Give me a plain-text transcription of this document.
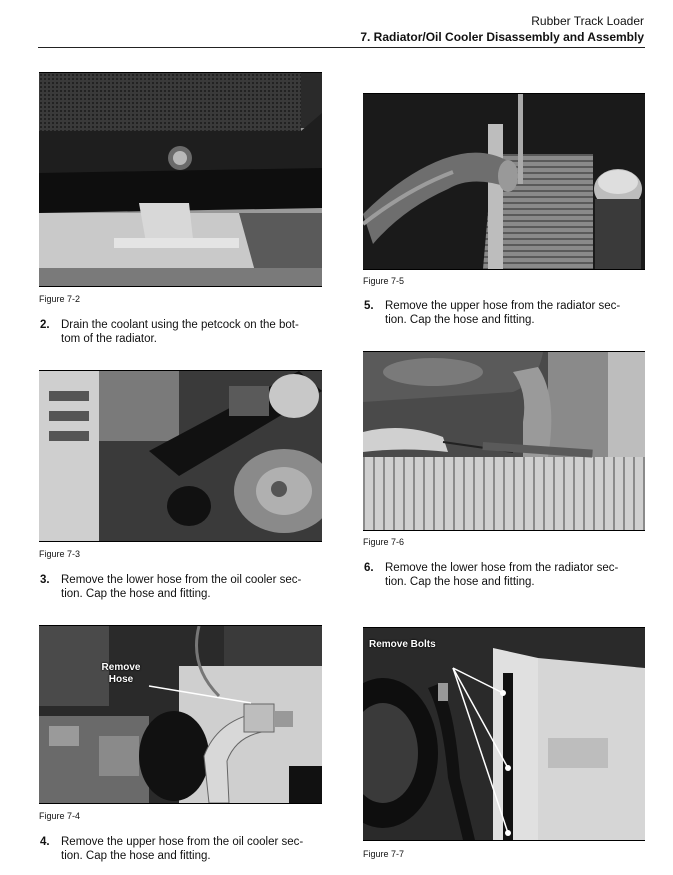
Rubber Track Loader
7. Radiator/Oil Cooler Disassembly and Assembly
Figure 7-2
2. Drain the coolant using the petcock on the bot-
tom of the radiator.
Figure 7-3
3. Remove the lower hose from the oil cooler sec-
tion. Cap the hose and fitting.
Remove Hose
Figure 7-4
4. Remove the upper hose from the oil cooler sec-
tion. Cap the hose and fitting.
Figure 7-5
5. Remove the upper hose from the radiator sec-
tion. Cap the hose and fitting.
Figure 7-6
6. Remove the lower hose from the radiator sec-
tion. Cap the hose and fitting.
Remove Bolts
Figure 7-7
